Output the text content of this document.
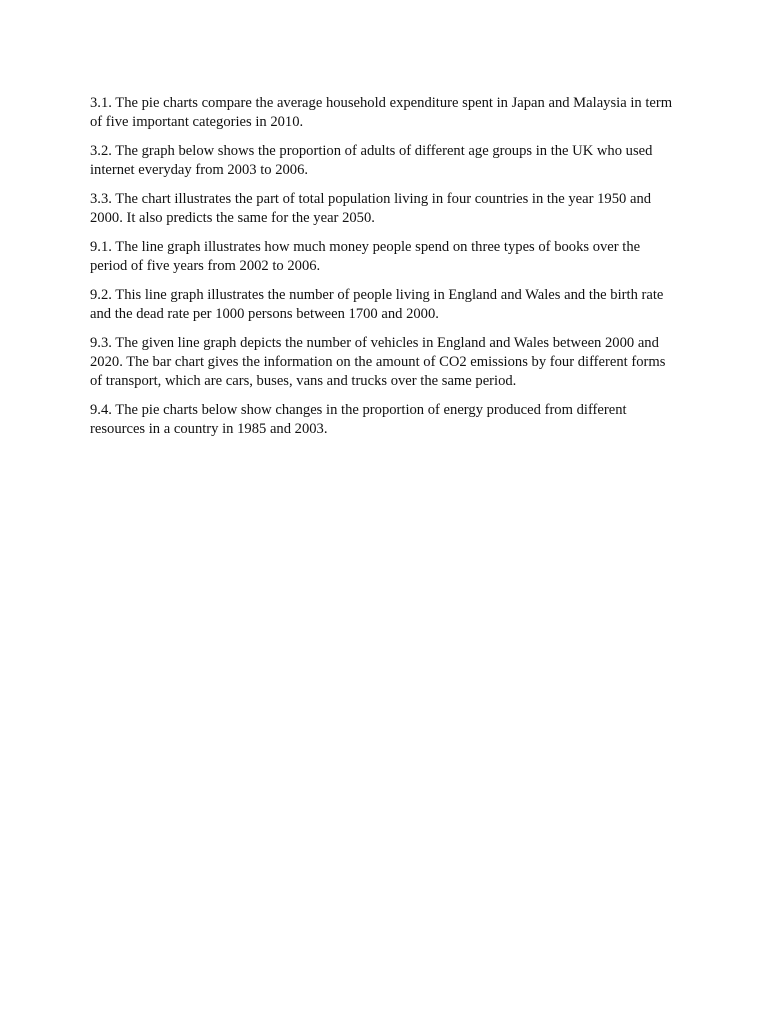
3.1. The pie charts compare the average household expenditure spent in Japan and Malaysia in term of five important categories in 2010.

3.2. The graph below shows the proportion of adults of different age groups in the UK who used internet everyday from 2003 to 2006.

3.3. The chart illustrates the part of total population living in four countries in the year 1950 and 2000. It also predicts the same for the year 2050.

9.1. The line graph illustrates how much money people spend on three types of books over the period of five years from 2002 to 2006.

9.2. This line graph illustrates the number of people living in England and Wales and the birth rate and the dead rate per 1000 persons between 1700 and 2000.

9.3. The given line graph depicts the number of vehicles in England and Wales between 2000 and 2020. The bar chart gives the information on the amount of CO2 emissions by four different forms of transport, which are cars, buses, vans and trucks over the same period.

9.4. The pie charts below show changes in the proportion of energy produced from different resources in a country in 1985 and 2003.
